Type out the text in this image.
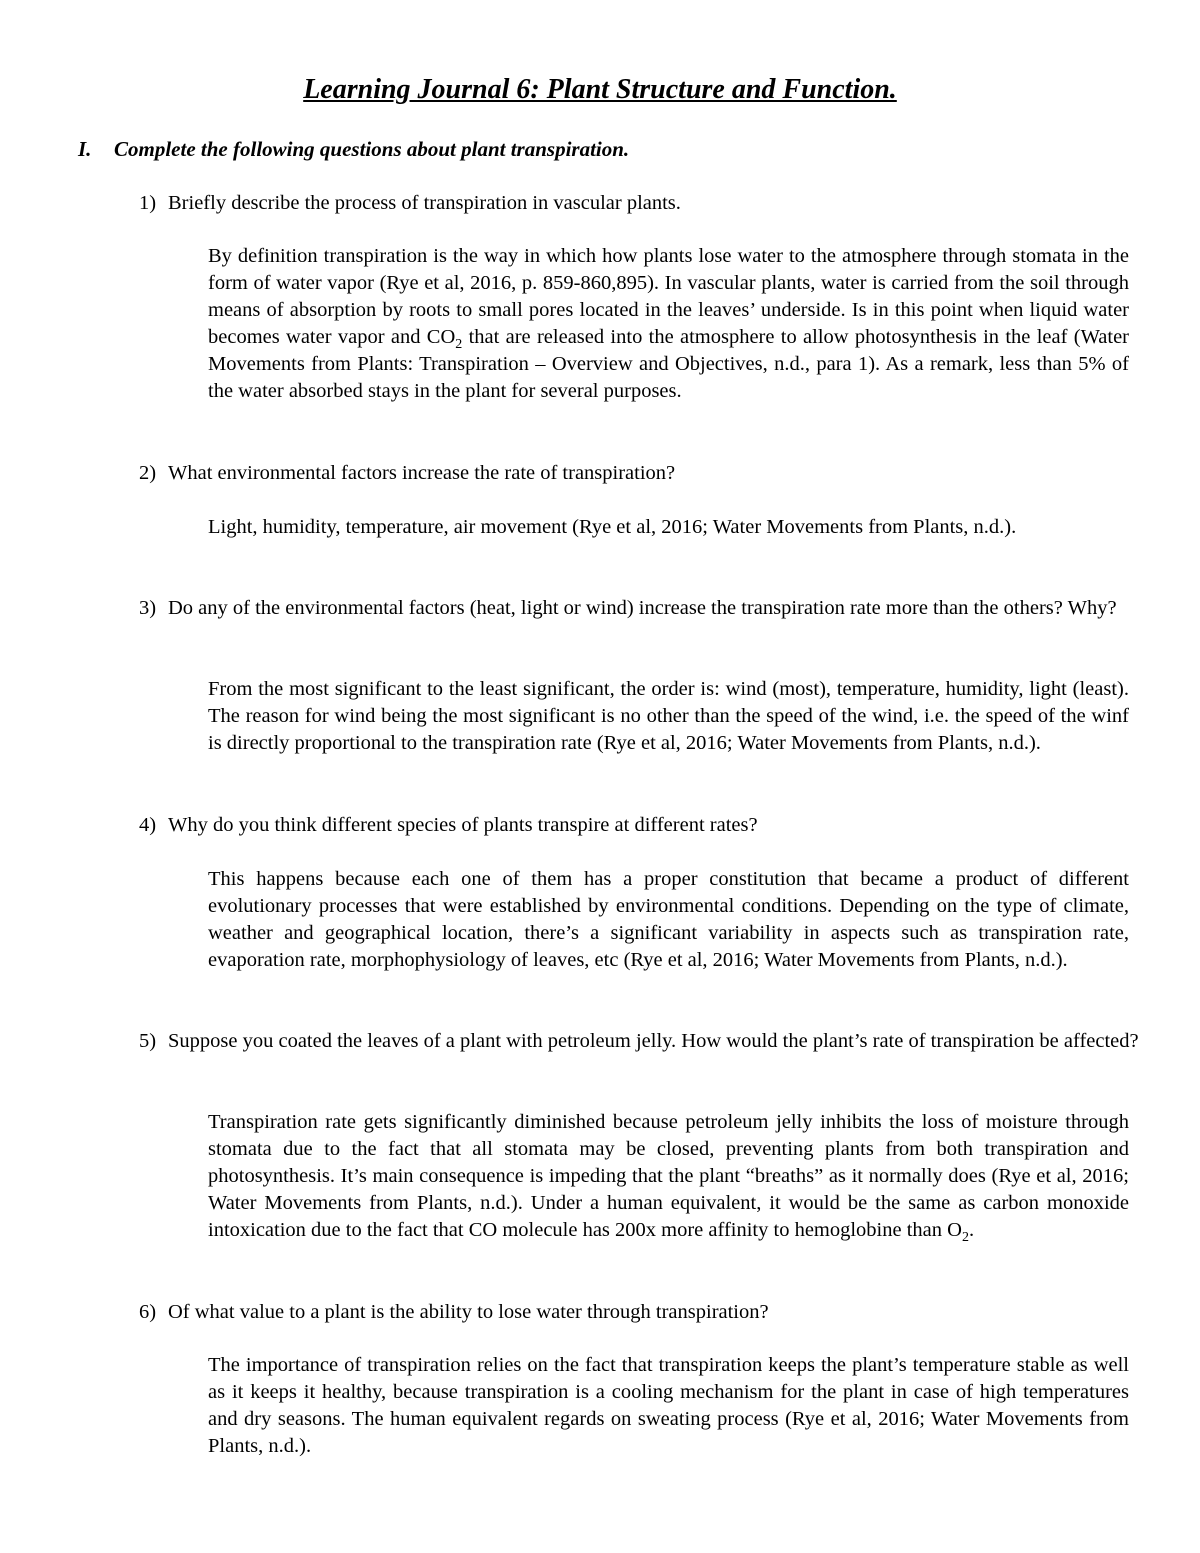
Learning Journal 6: Plant Structure and Function.
I. Complete the following questions about plant transpiration.
1) Briefly describe the process of transpiration in vascular plants.

By definition transpiration is the way in which how plants lose water to the atmosphere through stomata in the form of water vapor (Rye et al, 2016, p. 859-860,895). In vascular plants, water is carried from the soil through means of absorption by roots to small pores located in the leaves’ underside. Is in this point when liquid water becomes water vapor and $CO_2$ that are released into the atmosphere to allow photosynthesis in the leaf (Water Movements from Plants: Transpiration – Overview and Objectives, n.d., para 1). As a remark, less than 5% of the water absorbed stays in the plant for several purposes.

2) What environmental factors increase the rate of transpiration?

Light, humidity, temperature, air movement (Rye et al, 2016; Water Movements from Plants, n.d.).

3) Do any of the environmental factors (heat, light or wind) increase the transpiration rate more than the others? Why?

From the most significant to the least significant, the order is: wind (most), temperature, humidity, light (least). The reason for wind being the most significant is no other than the speed of the wind, i.e. the speed of the winf is directly proportional to the transpiration rate (Rye et al, 2016; Water Movements from Plants, n.d.).

4) Why do you think different species of plants transpire at different rates?

This happens because each one of them has a proper constitution that became a product of different evolutionary processes that were established by environmental conditions. Depending on the type of climate, weather and geographical location, there’s a significant variability in aspects such as transpiration rate, evaporation rate, morphophysiology of leaves, etc (Rye et al, 2016; Water Movements from Plants, n.d.).

5) Suppose you coated the leaves of a plant with petroleum jelly. How would the plant’s rate of transpiration be affected?

Transpiration rate gets significantly diminished because petroleum jelly inhibits the loss of moisture through stomata due to the fact that all stomata may be closed, preventing plants from both transpiration and photosynthesis. It’s main consequence is impeding that the plant “breaths” as it normally does (Rye et al, 2016; Water Movements from Plants, n.d.). Under a human equivalent, it would be the same as carbon monoxide intoxication due to the fact that CO molecule has 200x more affinity to hemoglobine than $O_2$.

6) Of what value to a plant is the ability to lose water through transpiration?

The importance of transpiration relies on the fact that transpiration keeps the plant’s temperature stable as well as it keeps it healthy, because transpiration is a cooling mechanism for the plant in case of high temperatures and dry seasons. The human equivalent regards on sweating process (Rye et al, 2016; Water Movements from Plants, n.d.).
